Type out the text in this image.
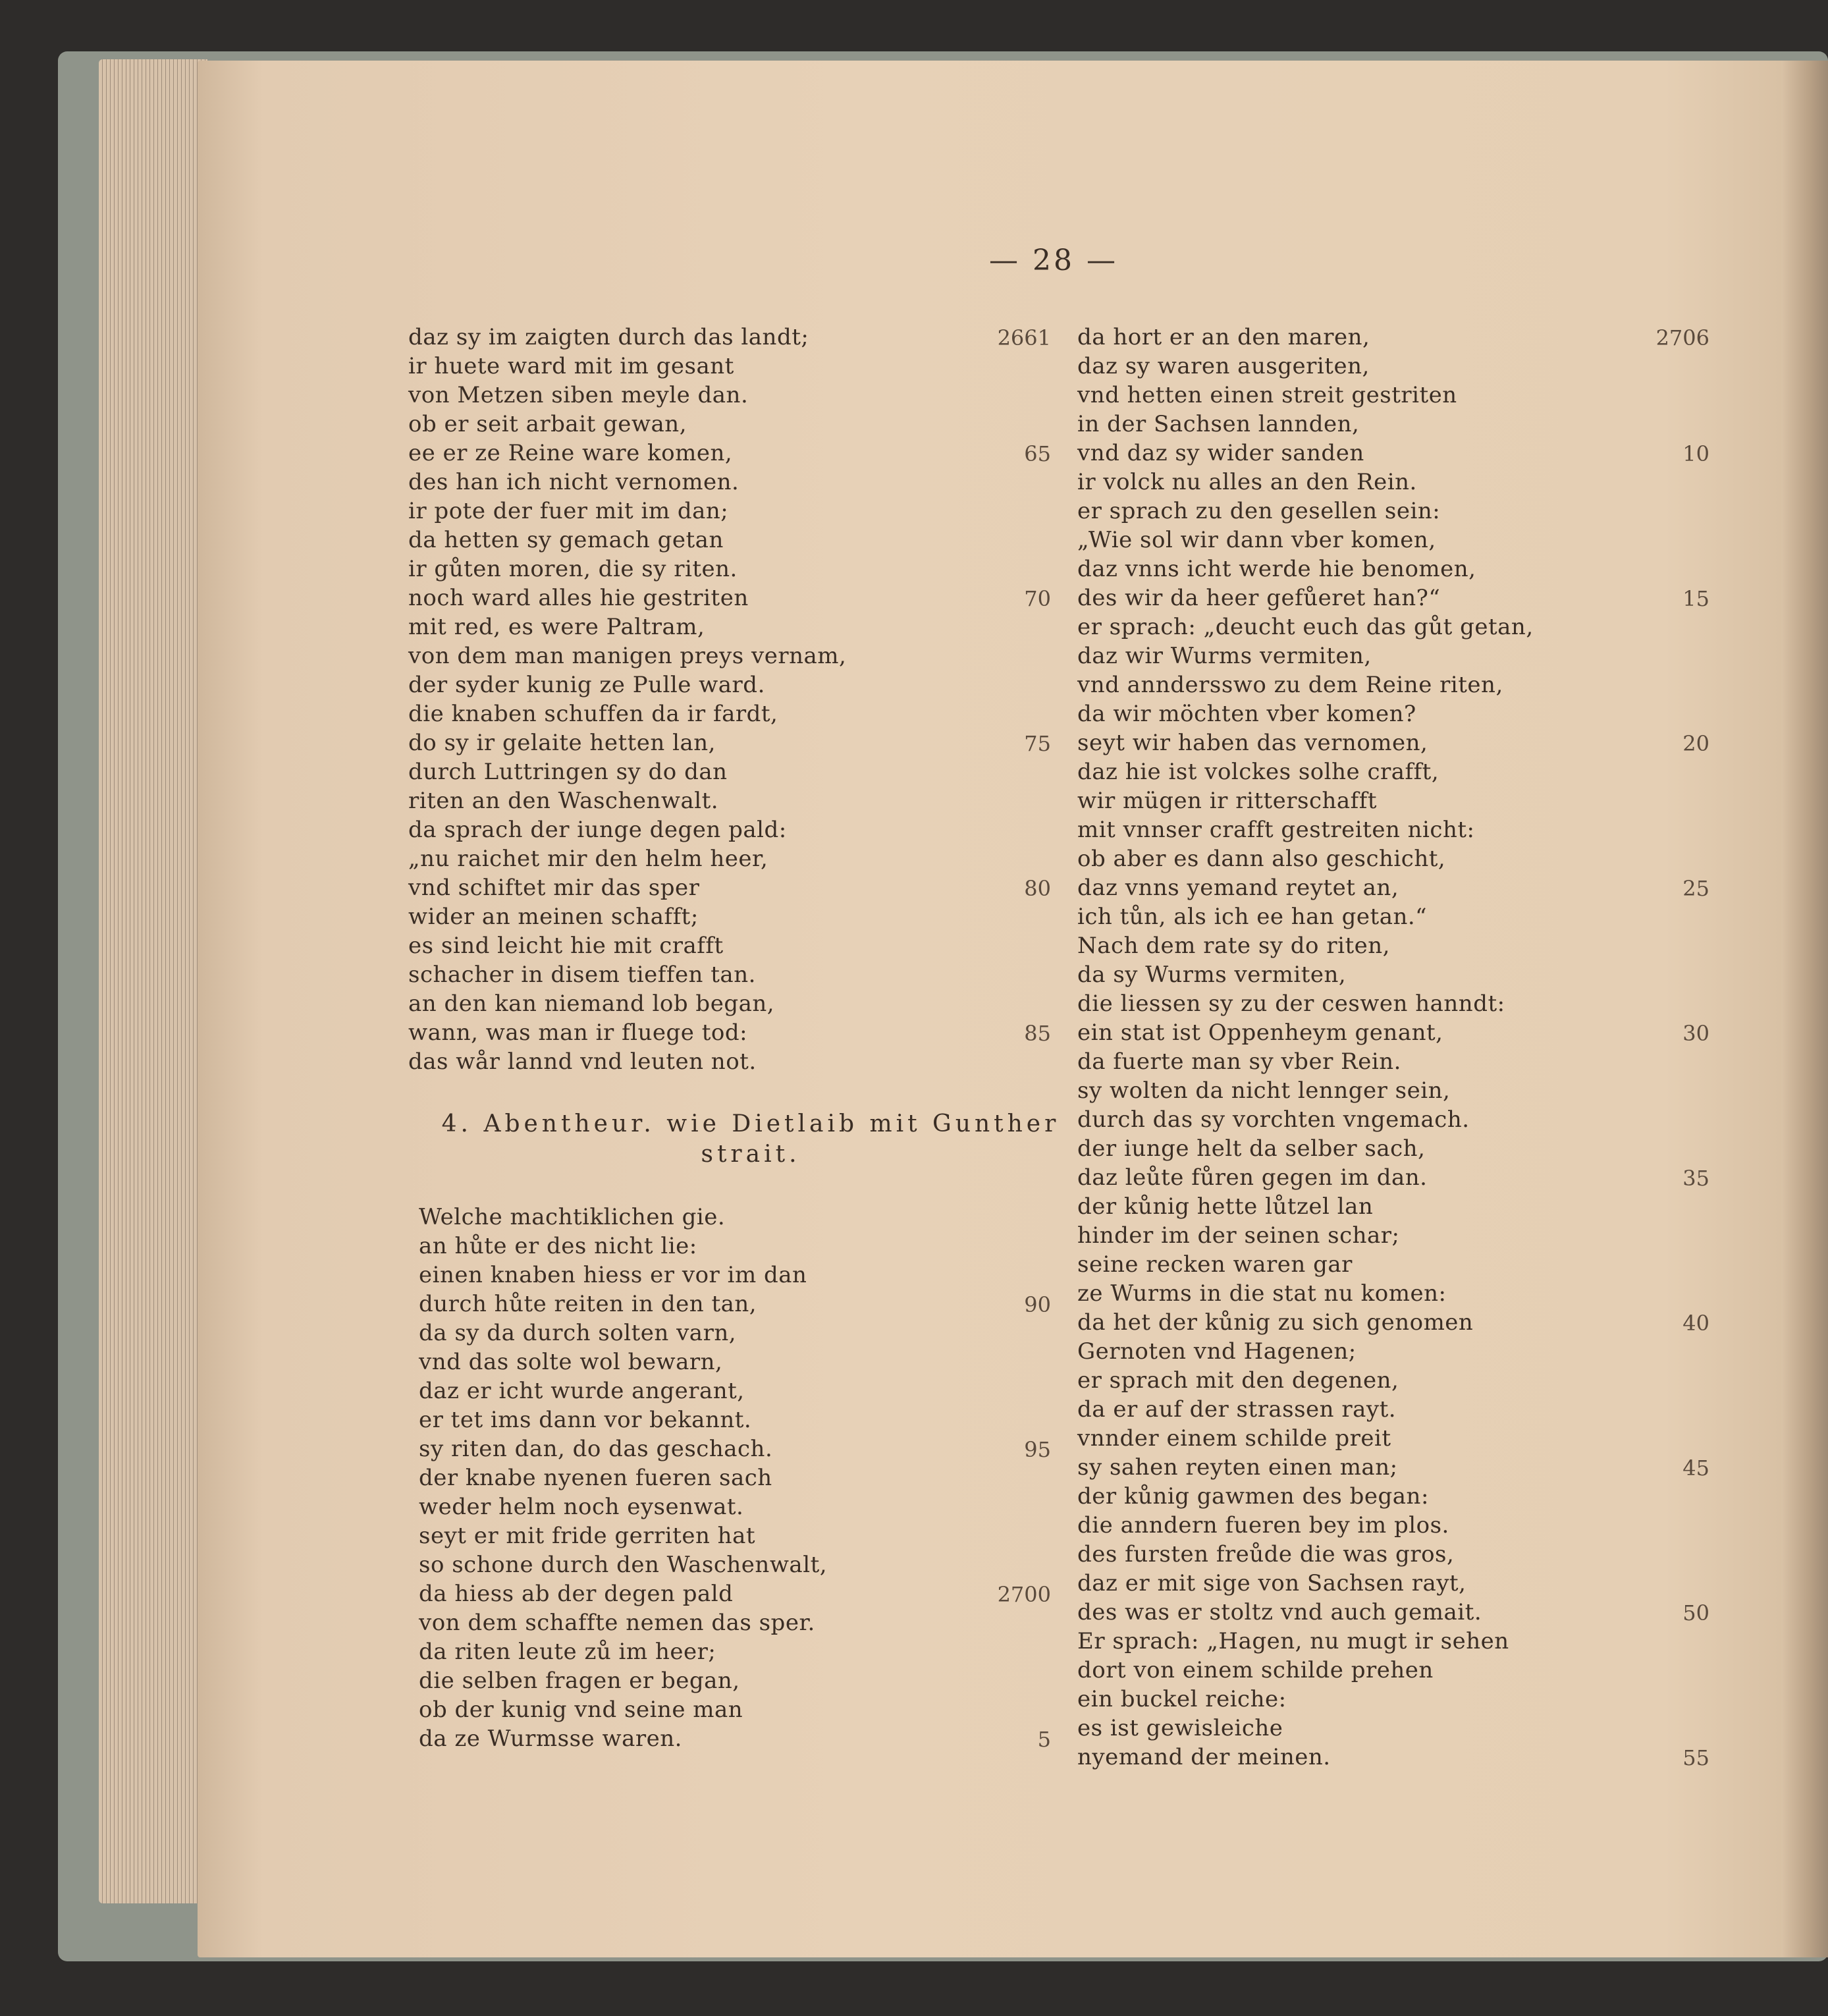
— 28 —
daz sy im zaigten durch das landt;
ir huete ward mit im gesant
von Metzen siben meyle dan.
ob er seit arbait gewan,
ee er ze Reine ware komen,
des han ich nicht vernomen.
ir pote der fuer mit im dan;
da hetten sy gemach getan
ir gůten moren, die sy riten.
noch ward alles hie gestriten
mit red, es were Paltram,
von dem man manigen preys vernam,
der syder kunig ze Pulle ward.
die knaben schuffen da ir fardt,
do sy ir gelaite hetten lan,
durch Luttringen sy do dan
riten an den Waschenwalt.
da sprach der iunge degen pald:
„nu raichet mir den helm heer,
vnd schiftet mir das sper
wider an meinen schafft;
es sind leicht hie mit crafft
schacher in disem tieffen tan.
an den kan niemand lob began,
wann, was man ir fluege tod:
das wår lannd vnd leuten not.
4. Abentheur. wie Dietlaib mit Gunther
strait.
Welche machtiklichen gie.
an hůte er des nicht lie:
einen knaben hiess er vor im dan
durch hůte reiten in den tan,
da sy da durch solten varn,
vnd das solte wol bewarn,
daz er icht wurde angerant,
er tet ims dann vor bekannt.
sy riten dan, do das geschach.
der knabe nyenen fueren sach
weder helm noch eysenwat.
seyt er mit fride gerriten hat
so schone durch den Waschenwalt,
da hiess ab der degen pald
von dem schaffte nemen das sper.
da riten leute zů im heer;
die selben fragen er began,
ob der kunig vnd seine man
da ze Wurmsse waren.
da hort er an den maren,
daz sy waren ausgeriten,
vnd hetten einen streit gestriten
in der Sachsen lannden,
vnd daz sy wider sanden
ir volck nu alles an den Rein.
er sprach zu den gesellen sein:
„Wie sol wir dann vber komen,
daz vnns icht werde hie benomen,
des wir da heer gefůeret han?“
er sprach: „deucht euch das gůt getan,
daz wir Wurms vermiten,
vnd anndersswo zu dem Reine riten,
da wir möchten vber komen?
seyt wir haben das vernomen,
daz hie ist volckes solhe crafft,
wir mügen ir ritterschafft
mit vnnser crafft gestreiten nicht:
ob aber es dann also geschicht,
daz vnns yemand reytet an,
ich tůn, als ich ee han getan.“
Nach dem rate sy do riten,
da sy Wurms vermiten,
die liessen sy zu der ceswen hanndt:
ein stat ist Oppenheym genant,
da fuerte man sy vber Rein.
sy wolten da nicht lennger sein,
durch das sy vorchten vngemach.
der iunge helt da selber sach,
daz leůte fůren gegen im dan.
der kůnig hette lůtzel lan
hinder im der seinen schar;
seine recken waren gar
ze Wurms in die stat nu komen:
da het der kůnig zu sich genomen
Gernoten vnd Hagenen;
er sprach mit den degenen,
da er auf der strassen rayt.
vnnder einem schilde preit
sy sahen reyten einen man;
der kůnig gawmen des began:
die anndern fueren bey im plos.
des fursten freůde die was gros,
daz er mit sige von Sachsen rayt,
des was er stoltz vnd auch gemait.
Er sprach: „Hagen, nu mugt ir sehen
dort von einem schilde prehen
ein buckel reiche:
es ist gewisleiche
nyemand der meinen.
2661
65
70
75
80
85
90
95
2700
5
2706
10
15
20
25
30
35
40
45
50
55
